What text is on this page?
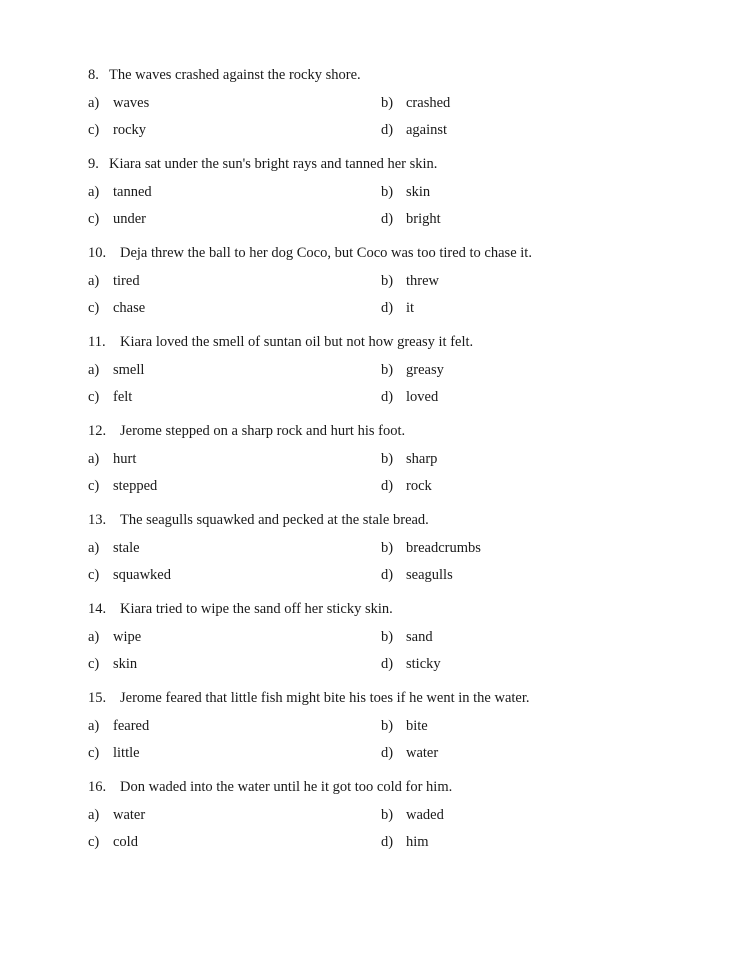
8. The waves crashed against the rocky shore.
a) waves	b) crashed
c) rocky	d) against
9. Kiara sat under the sun's bright rays and tanned her skin.
a) tanned	b) skin
c) under	d) bright
10. Deja threw the ball to her dog Coco, but Coco was too tired to chase it.
a) tired	b) threw
c) chase	d) it
11. Kiara loved the smell of suntan oil but not how greasy it felt.
a) smell	b) greasy
c) felt	d) loved
12. Jerome stepped on a sharp rock and hurt his foot.
a) hurt	b) sharp
c) stepped	d) rock
13. The seagulls squawked and pecked at the stale bread.
a) stale	b) breadcrumbs
c) squawked	d) seagulls
14. Kiara tried to wipe the sand off her sticky skin.
a) wipe	b) sand
c) skin	d) sticky
15. Jerome feared that little fish might bite his toes if he went in the water.
a) feared	b) bite
c) little	d) water
16. Don waded into the water until he it got too cold for him.
a) water	b) waded
c) cold	d) him
